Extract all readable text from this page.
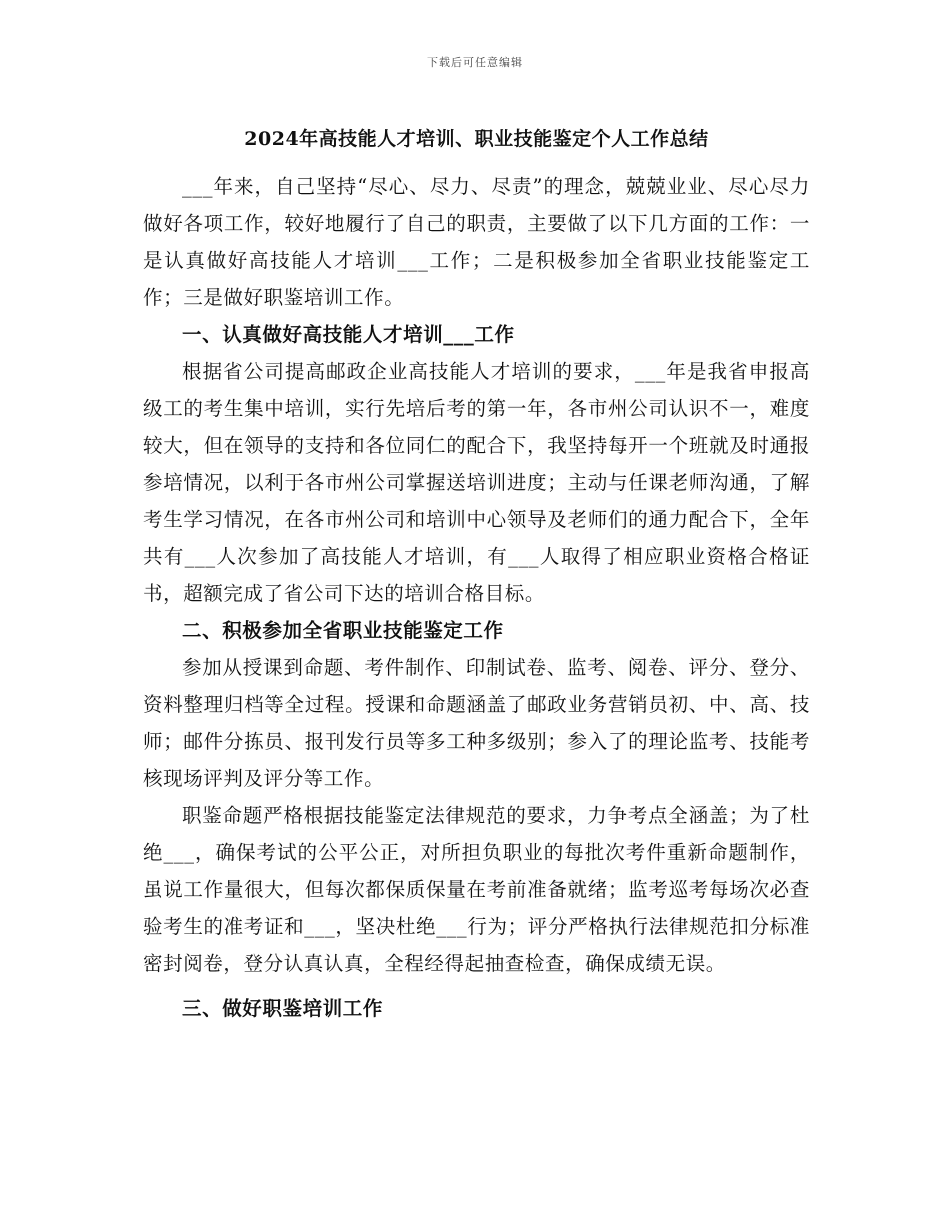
下载后可任意编辑
2024年高技能人才培训、职业技能鉴定个人工作总结

___年来，自己坚持“尽心、尽力、尽责”的理念，兢兢业业、尽心尽力做好各项工作，较好地履行了自己的职责，主要做了以下几方面的工作：一是认真做好高技能人才培训___工作；二是积极参加全省职业技能鉴定工作；三是做好职鉴培训工作。

一、认真做好高技能人才培训___工作

根据省公司提高邮政企业高技能人才培训的要求，___年是我省申报高级工的考生集中培训，实行先培后考的第一年，各市州公司认识不一，难度较大，但在领导的支持和各位同仁的配合下，我坚持每开一个班就及时通报参培情况，以利于各市州公司掌握送培训进度；主动与任课老师沟通，了解考生学习情况，在各市州公司和培训中心领导及老师们的通力配合下，全年共有___人次参加了高技能人才培训，有___人取得了相应职业资格合格证书，超额完成了省公司下达的培训合格目标。

二、积极参加全省职业技能鉴定工作

参加从授课到命题、考件制作、印制试卷、监考、阅卷、评分、登分、资料整理归档等全过程。授课和命题涵盖了邮政业务营销员初、中、高、技师；邮件分拣员、报刊发行员等多工种多级别；参入了的理论监考、技能考核现场评判及评分等工作。

职鉴命题严格根据技能鉴定法律规范的要求，力争考点全涵盖；为了杜绝___，确保考试的公平公正，对所担负职业的每批次考件重新命题制作，虽说工作量很大，但每次都保质保量在考前准备就绪；监考巡考每场次必查验考生的准考证和___，坚决杜绝___行为；评分严格执行法律规范扣分标准密封阅卷，登分认真认真，全程经得起抽查检查，确保成绩无误。

三、做好职鉴培训工作
